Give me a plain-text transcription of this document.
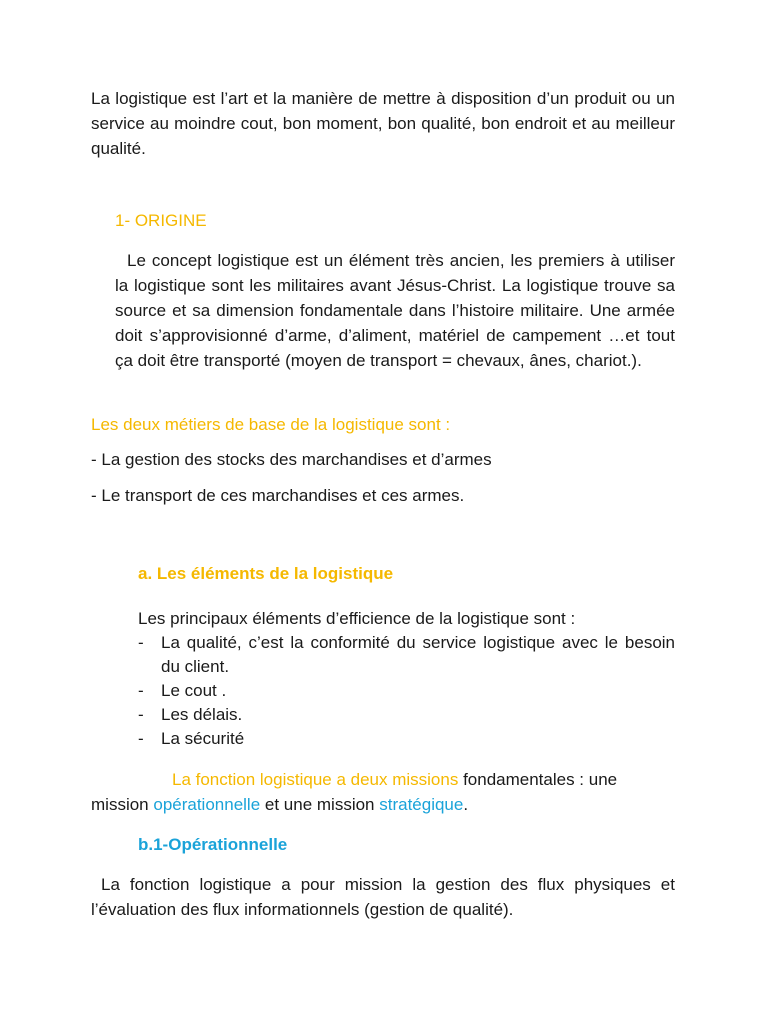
La logistique est l’art et la manière de mettre à disposition d’un produit ou un service au moindre cout, bon moment, bon qualité, bon endroit et au meilleur qualité.
1- ORIGINE
Le concept logistique est un élément très ancien, les premiers à utiliser la logistique sont les militaires avant Jésus-Christ. La logistique trouve sa source et sa dimension fondamentale dans l’histoire militaire. Une armée doit s’approvisionné d’arme, d’aliment, matériel de campement …et tout ça doit être transporté (moyen de transport = chevaux, ânes, chariot.).
Les deux métiers de base de la logistique sont :
- La gestion des stocks des marchandises et d’armes
- Le transport de ces marchandises et ces armes.
a. Les éléments de la logistique
Les principaux éléments d’efficience de la logistique sont :
- La qualité, c’est la conformité du service logistique avec le besoin du client.
- Le cout .
- Les délais.
- La sécurité
La fonction logistique a deux missions fondamentales : une
mission opérationnelle et une mission stratégique.
b.1-Opérationnelle
La fonction logistique a pour mission la gestion des flux physiques et l’évaluation des flux informationnels (gestion de qualité).
